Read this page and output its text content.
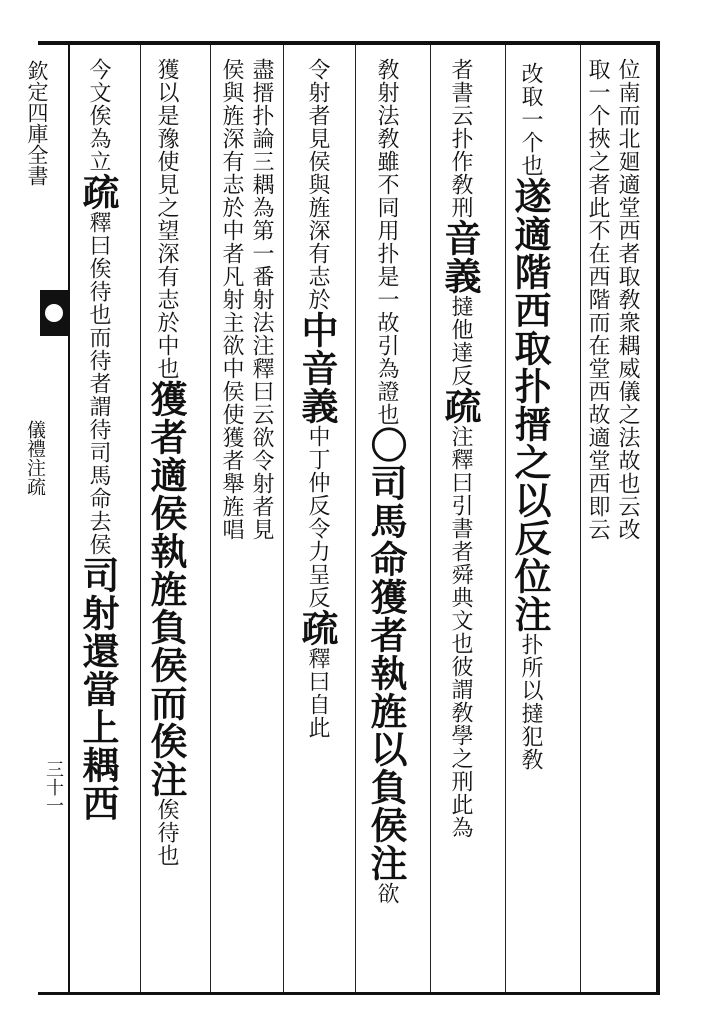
欽定四庫全書
儀禮注疏
三十一
位南而北廻適堂西者取敎衆耦威儀之法故也云改
取一个挾之者此不在西階而在堂西故適堂西即云
改取一个也遂適階西取扑搢之以反位注扑所以撻犯敎
者書云扑作敎刑音義撻他達反疏注釋曰引書者舜典文也彼謂敎學之刑此為
敎射法敎雖不同用扑是一故引為證也〇司馬命獲者執旌以負侯注欲
令射者見侯與旌深有志於中音義中丁仲反令力呈反疏釋曰自此
盡搢扑論三耦為第一番射法注釋曰云欲令射者見
侯與旌深有志於中者凡射主欲中侯使獲者舉旌唱
獲以是豫使見之望深有志於中也獲者適侯執旌負侯而俟注俟待也
今文俟為立疏釋曰俟待也而待者謂待司馬命去侯司射還當上耦西
